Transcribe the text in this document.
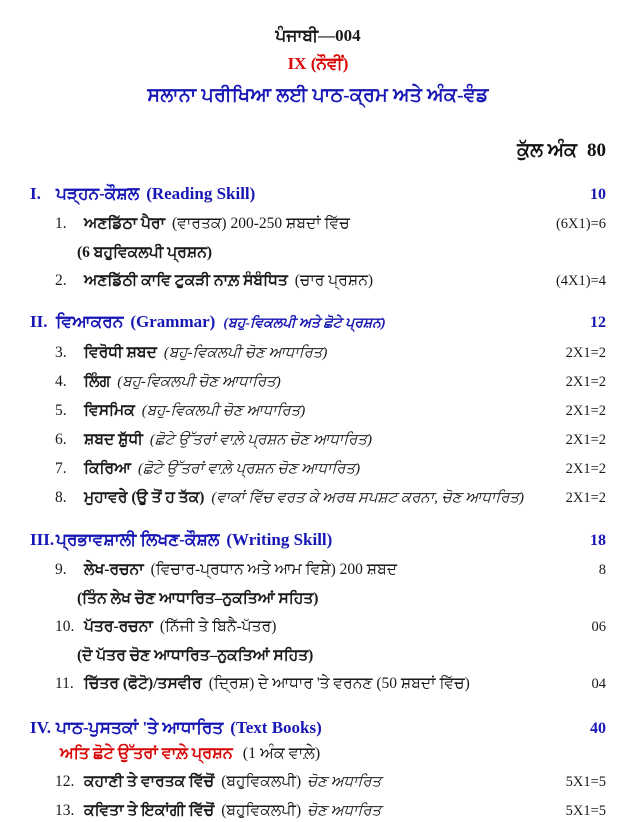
ਪੰਜਾਬੀ—004
IX (ਨੌਵੀਂ)
ਸਲਾਨਾ ਪਰੀਖਿਆ ਲਈ ਪਾਠ-ਕ੍ਰਮ ਅਤੇ ਅੰਕ-ਵੰਡ
ਕੁੱਲ ਅੰਕ 80
I. ਪੜ੍ਹਨ-ਕੌਸ਼ਲ (Reading Skill)	10
1.	ਅਣਡਿੱਠਾ ਪੈਰਾ (ਵਾਰਤਕ) 200-250 ਸ਼ਬਦਾਂ ਵਿੱਚ	(6X1)=6
(6 ਬਹੁਵਿਕਲਪੀ ਪ੍ਰਸ਼ਨ)
2.	ਅਣਡਿੱਠੀ ਕਾਵਿ ਟੁਕੜੀ ਨਾਲ਼ ਸੰਬੰਧਿਤ (ਚਾਰ ਪ੍ਰਸ਼ਨ)	(4X1)=4
II. ਵਿਆਕਰਨ (Grammar) (ਬਹੁ-ਵਿਕਲਪੀ ਅਤੇ ਛੋਟੇ ਪ੍ਰਸ਼ਨ)	12
3.	ਵਿਰੋਧੀ ਸ਼ਬਦ (ਬਹੁ-ਵਿਕਲਪੀ ਚੋਣ ਆਧਾਰਿਤ)	2X1=2
4.	ਲਿੰਗ (ਬਹੁ-ਵਿਕਲਪੀ ਚੋਣ ਆਧਾਰਿਤ)	2X1=2
5.	ਵਿਸਮਿਕ (ਬਹੁ-ਵਿਕਲਪੀ ਚੋਣ ਆਧਾਰਿਤ)	2X1=2
6.	ਸ਼ਬਦ ਸ਼ੁੱਧੀ (ਛੋਟੇ ਉੱਤਰਾਂ ਵਾਲ਼ੇ ਪ੍ਰਸ਼ਨ ਚੋਣ ਆਧਾਰਿਤ)	2X1=2
7.	ਕਿਰਿਆ (ਛੋਟੇ ਉੱਤਰਾਂ ਵਾਲ਼ੇ ਪ੍ਰਸ਼ਨ ਚੋਣ ਆਧਾਰਿਤ)	2X1=2
8.	ਮੁਹਾਵਰੇ (ਉ ਤੋਂ ਹ ਤੱਕ) (ਵਾਕਾਂ ਵਿੱਚ ਵਰਤ ਕੇ ਅਰਥ ਸਪਸ਼ਟ ਕਰਨਾ, ਚੋਣ ਆਧਾਰਿਤ)	2X1=2
III. ਪ੍ਰਭਾਵਸ਼ਾਲੀ ਲਿਖਣ-ਕੌਸ਼ਲ (Writing Skill)	18
9.	ਲੇਖ-ਰਚਨਾ (ਵਿਚਾਰ-ਪ੍ਰਧਾਨ ਅਤੇ ਆਮ ਵਿਸ਼ੇ) 200 ਸ਼ਬਦ	8
(ਤਿੰਨ ਲੇਖ ਚੋਣ ਆਧਾਰਿਤ–ਨੁਕਤਿਆਂ ਸਹਿਤ)
10. ਪੱਤਰ-ਰਚਨਾ (ਨਿੱਜੀ ਤੇ ਬਿਨੈ-ਪੱਤਰ)	06
(ਦੋ ਪੱਤਰ ਚੋਣ ਆਧਾਰਿਤ–ਨੁਕਤਿਆਂ ਸਹਿਤ)
11. ਚਿੱਤਰ (ਫੋਟੋ)/ਤਸਵੀਰ (ਦ੍ਰਿਸ਼) ਦੇ ਆਧਾਰ 'ਤੇ ਵਰਨਣ (50 ਸ਼ਬਦਾਂ ਵਿੱਚ)	04
IV. ਪਾਠ-ਪੁਸਤਕਾਂ 'ਤੇ ਆਧਾਰਿਤ (Text Books)	40
ਅਤਿ ਛੋਟੇ ਉੱਤਰਾਂ ਵਾਲ਼ੇ ਪ੍ਰਸ਼ਨ (1 ਅੰਕ ਵਾਲ਼ੇ)
12. ਕਹਾਣੀ ਤੇ ਵਾਰਤਕ ਵਿੱਚੋਂ (ਬਹੁਵਿਕਲਪੀ) ਚੋਣ ਅਧਾਰਿਤ	5X1=5
13. ਕਵਿਤਾ ਤੇ ਇਕਾਂਗੀ ਵਿੱਚੋਂ (ਬਹੁਵਿਕਲਪੀ) ਚੋਣ ਅਧਾਰਿਤ	5X1=5
